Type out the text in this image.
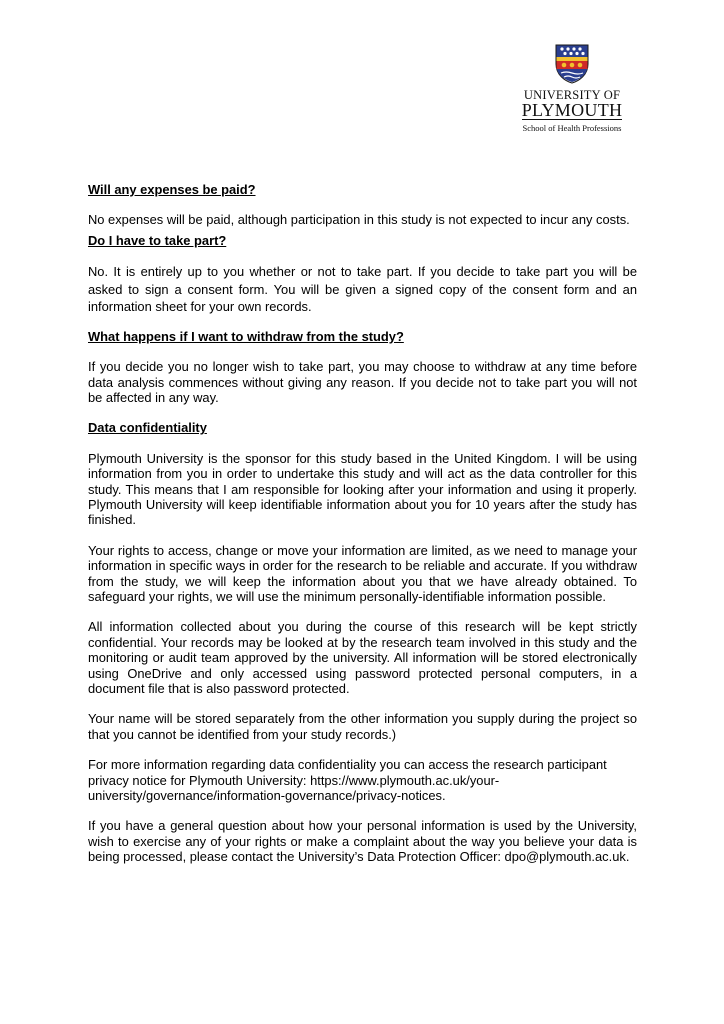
UNIVERSITY OF
PLYMOUTH
School of Health Professions
Will any expenses be paid?

No expenses will be paid, although participation in this study is not expected to incur any costs.

Do I have to take part?

No. It is entirely up to you whether or not to take part. If you decide to take part you will be asked to sign a consent form. You will be given a signed copy of the consent form and an information sheet for your own records.

What happens if I want to withdraw from the study?

If you decide you no longer wish to take part, you may choose to withdraw at any time before data analysis commences without giving any reason. If you decide not to take part you will not be affected in any way.

Data confidentiality

Plymouth University is the sponsor for this study based in the United Kingdom. I will be using information from you in order to undertake this study and will act as the data controller for this study. This means that I am responsible for looking after your information and using it properly. Plymouth University will keep identifiable information about you for 10 years after the study has finished.

Your rights to access, change or move your information are limited, as we need to manage your information in specific ways in order for the research to be reliable and accurate. If you withdraw from the study, we will keep the information about you that we have already obtained. To safeguard your rights, we will use the minimum personally-identifiable information possible.

All information collected about you during the course of this research will be kept strictly confidential. Your records may be looked at by the research team involved in this study and the monitoring or audit team approved by the university. All information will be stored electronically using OneDrive and only accessed using password protected personal computers, in a document file that is also password protected.

Your name will be stored separately from the other information you supply during the project so that you cannot be identified from your study records.)

For more information regarding data confidentiality you can access the research participant privacy notice for Plymouth University: https://www.plymouth.ac.uk/your-university/governance/information-governance/privacy-notices.

If you have a general question about how your personal information is used by the University, wish to exercise any of your rights or make a complaint about the way you believe your data is being processed, please contact the University’s Data Protection Officer: dpo@plymouth.ac.uk.
